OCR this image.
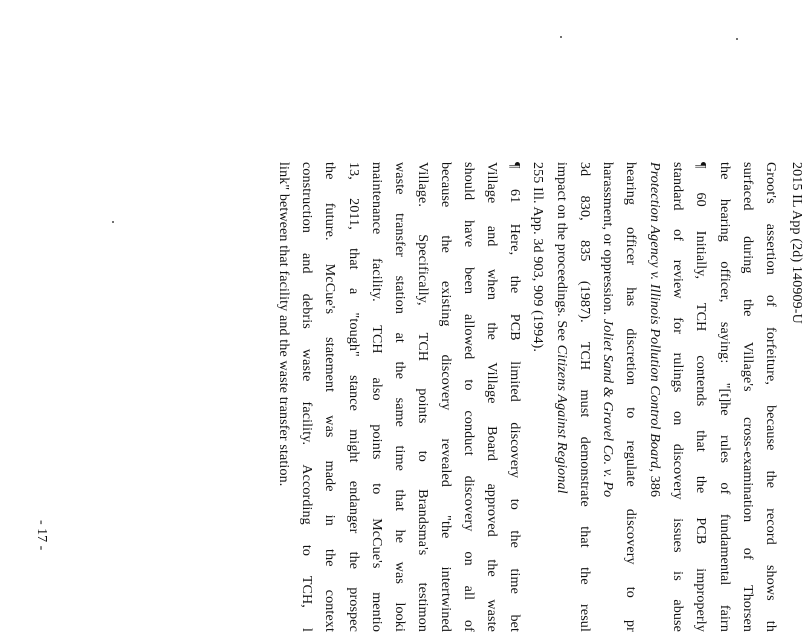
2015 IL App (2d) 140909-U
Groot's assertion of forfeiture, because the record shows th
surfaced during the Village's cross-examination of Thorsen
the hearing officer, saying: "[t]he rules of fundamental fairn
¶ 60 Initially, TCH contends that the PCB improperly
standard of review for rulings on discovery issues is abuse
Protection Agency v. Illinois Pollution Control Board, 386
hearing officer has discretion to regulate discovery to pr
harassment, or oppression. Joliet Sand & Gravel Co. v. Po
3d 830, 835 (1987). TCH must demonstrate that the resul
impact on the proceedings. See Citizens Against Regional
255 Ill. App. 3d 903, 909 (1994).
¶ 61 Here, the PCB limited discovery to the time bet
Village and when the Village Board approved the waste
should have been allowed to conduct discovery on all of
because the existing discovery revealed "the intertwined
Village. Specifically, TCH points to Brandsma's testimon
waste transfer station at the same time that he was looki
maintenance facility. TCH also points to McCue's mentio
13, 2011, that a "tough" stance might endanger the prospec
the future. McCue's statement was made in the context
construction and debris waste facility. According to TCH, l
link" between that facility and the waste transfer station.
- 17 -
